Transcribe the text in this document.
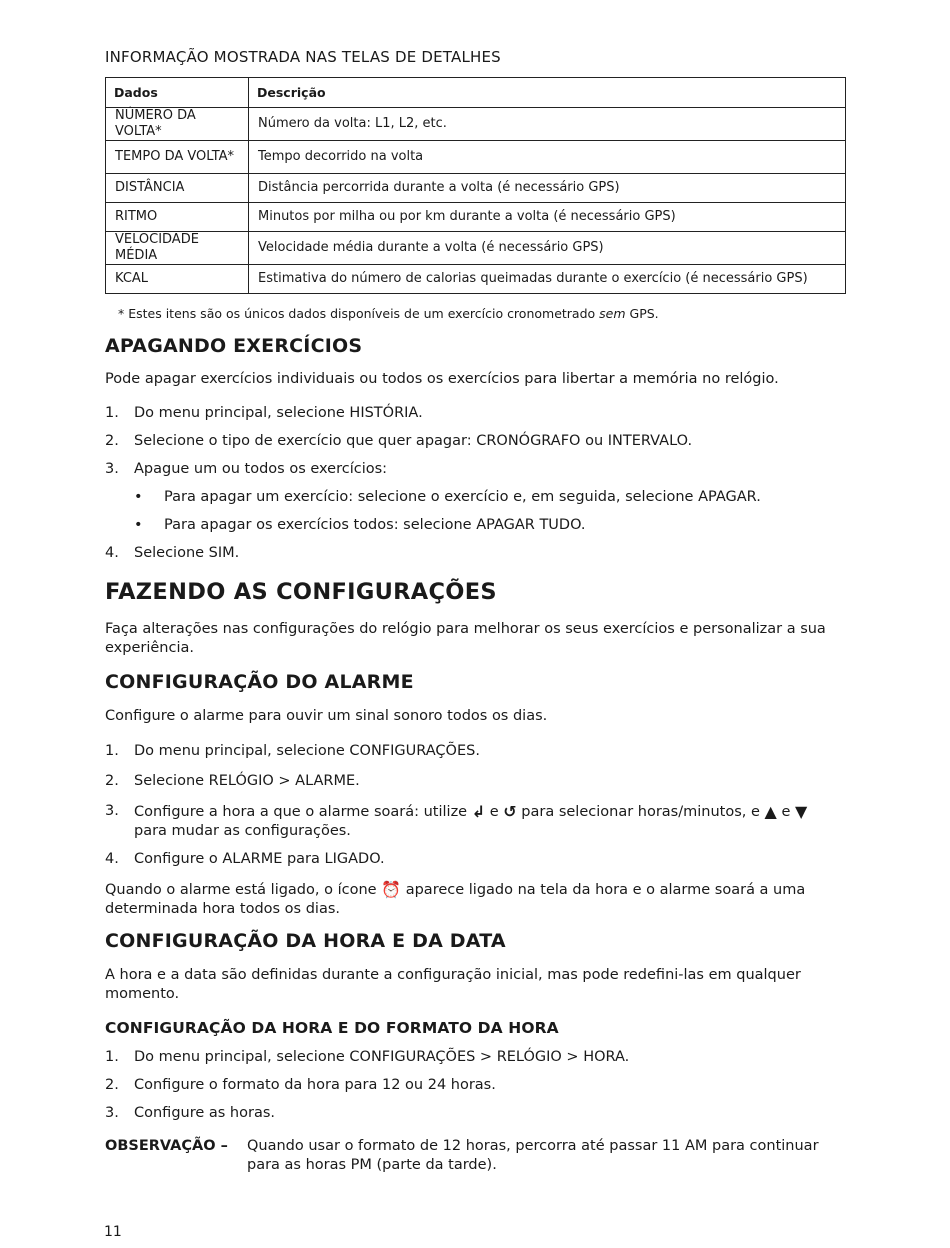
INFORMAÇÃO MOSTRADA NAS TELAS DE DETALHES
Dados	Descrição
NÚMERO DA VOLTA*	Número da volta: L1, L2, etc.
TEMPO DA VOLTA*	Tempo decorrido na volta
DISTÂNCIA	Distância percorrida durante a volta (é necessário GPS)
RITMO	Minutos por milha ou por km durante a volta (é necessário GPS)
VELOCIDADE MÉDIA	Velocidade média durante a volta (é necessário GPS)
KCAL	Estimativa do número de calorias queimadas durante o exercício (é necessário GPS)
* Estes itens são os únicos dados disponíveis de um exercício cronometrado sem GPS.
APAGANDO EXERCÍCIOS

Pode apagar exercícios individuais ou todos os exercícios para libertar a memória no relógio.

1. Do menu principal, selecione HISTÓRIA.
2. Selecione o tipo de exercício que quer apagar: CRONÓGRAFO ou INTERVALO.
3. Apague um ou todos os exercícios:
• Para apagar um exercício: selecione o exercício e, em seguida, selecione APAGAR.
• Para apagar os exercícios todos: selecione APAGAR TUDO.
4. Selecione SIM.
FAZENDO AS CONFIGURAÇÕES

Faça alterações nas configurações do relógio para melhorar os seus exercícios e personalizar a sua experiência.

CONFIGURAÇÃO DO ALARME

Configure o alarme para ouvir um sinal sonoro todos os dias.

1. Do menu principal, selecione CONFIGURAÇÕES.
2. Selecione RELÓGIO > ALARME.
3. Configure a hora a que o alarme soará: utilize ↲ e ↺ para selecionar horas/minutos, e ▲ e ▼ para mudar as configurações.
4. Configure o ALARME para LIGADO.

Quando o alarme está ligado, o ícone ⏰ aparece ligado na tela da hora e o alarme soará a uma determinada hora todos os dias.

CONFIGURAÇÃO DA HORA E DA DATA

A hora e a data são definidas durante a configuração inicial, mas pode redefini-las em qualquer momento.

CONFIGURAÇÃO DA HORA E DO FORMATO DA HORA
1. Do menu principal, selecione CONFIGURAÇÕES > RELÓGIO > HORA.
2. Configure o formato da hora para 12 ou 24 horas.
3. Configure as horas.
OBSERVAÇÃO – Quando usar o formato de 12 horas, percorra até passar 11 AM para continuar para as horas PM (parte da tarde).
11
